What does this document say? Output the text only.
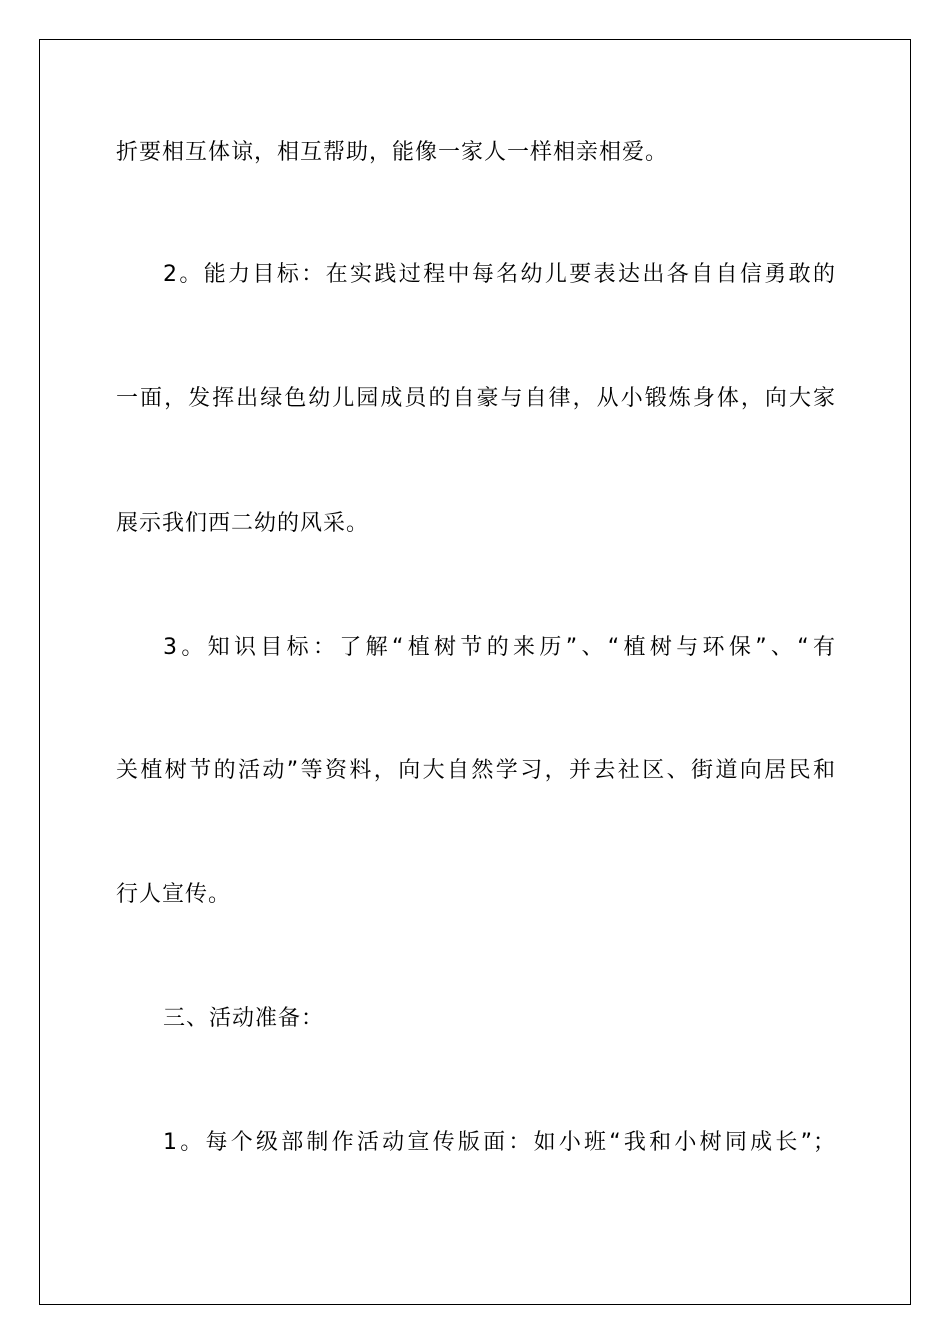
折要相互体谅，相互帮助，能像一家人一样相亲相爱。
2。能力目标：在实践过程中每名幼儿要表达出各自自信勇敢的
一面，发挥出绿色幼儿园成员的自豪与自律，从小锻炼身体，向大家
展示我们西二幼的风采。
3。知识目标：了解“植树节的来历”、“植树与环保”、“有
关植树节的活动”等资料，向大自然学习，并去社区、街道向居民和
行人宣传。
三、活动准备：
1。每个级部制作活动宣传版面：如小班“我和小树同成长”；
